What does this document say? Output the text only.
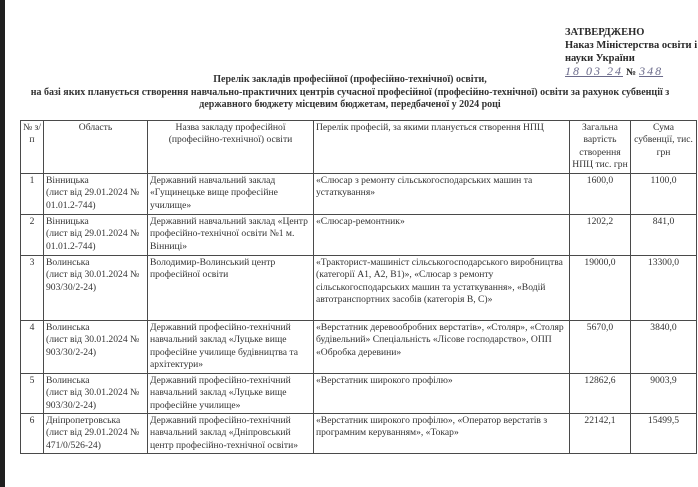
ЗАТВЕРДЖЕНО
Наказ Міністерства освіти і
науки України
18 03 24 № 348
Перелік закладів професійної (професійно-технічної) освіти,
на базі яких планується створення навчально-практичних центрів сучасної професійної (професійно-технічної) освіти за рахунок субвенції з
державного бюджету місцевим бюджетам, передбаченої у 2024 році
№ з/п	Область	Назва закладу професійної (професійно-технічної) освіти	Перелік професій, за якими планується створення НПЦ	Загальна вартість створення НПЦ тис. грн	Сума субвенції, тис. грн
1	Вінницька
(лист від 29.01.2024 № 01.01.2-744)	Державний навчальний заклад «Гущинецьке вище професійне училище»	«Слюсар з ремонту сільськогосподарських машин та устаткування»	1600,0	1100,0
2	Вінницька
(лист від 29.01.2024 № 01.01.2-744)	Державний навчальний заклад «Центр професійно-технічної освіти №1 м. Вінниці»	«Слюсар-ремонтник»	1202,2	841,0
3	Волинська
(лист від 30.01.2024 № 903/30/2-24)	Володимир-Волинський центр професійної освіти	«Тракторист-машиніст сільськогосподарського виробництва (категорії А1, А2, В1)», «Слюсар з ремонту сільськогосподарських машин та устаткування», «Водій автотранспортних засобів (категорія В, С)»	19000,0	13300,0
4	Волинська
(лист від 30.01.2024 № 903/30/2-24)	Державний професійно-технічний навчальний заклад «Луцьке вище професійне училище будівництва та архітектури»	«Верстатник деревообробних верстатів», «Столяр», «Столяр будівельний» Спеціальність «Лісове господарство», ОПП «Обробка деревини»	5670,0	3840,0
5	Волинська
(лист від 30.01.2024 № 903/30/2-24)	Державний професійно-технічний навчальний заклад «Луцьке вище професійне училище»	«Верстатник широкого профілю»	12862,6	9003,9
6	Дніпропетровська
(лист від 29.01.2024 № 471/0/526-24)	Державний професійно-технічний навчальний заклад «Дніпровський центр професійно-технічної освіти»	«Верстатник широкого профілю», «Оператор верстатів з програмним керуванням», «Токар»	22142,1	15499,5
